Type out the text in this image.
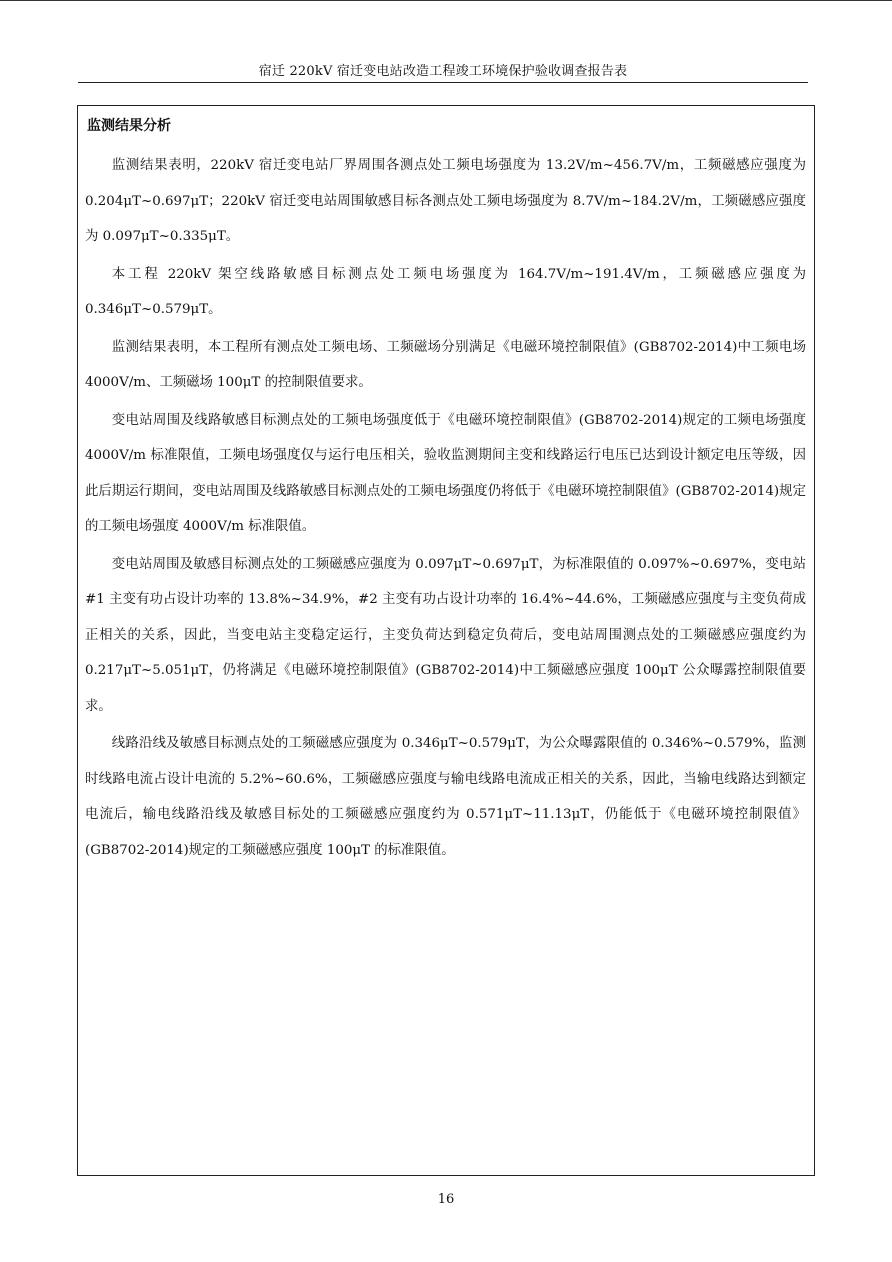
宿迁 220kV 宿迁变电站改造工程竣工环境保护验收调查报告表
监测结果分析

监测结果表明，220kV 宿迁变电站厂界周围各测点处工频电场强度为 13.2V/m~456.7V/m，工频磁感应强度为 0.204μT~0.697μT；220kV 宿迁变电站周围敏感目标各测点处工频电场强度为 8.7V/m~184.2V/m，工频磁感应强度为 0.097μT~0.335μT。

本工程 220kV 架空线路敏感目标测点处工频电场强度为 164.7V/m~191.4V/m，工频磁感应强度为 0.346μT~0.579μT。

监测结果表明，本工程所有测点处工频电场、工频磁场分别满足《电磁环境控制限值》(GB8702-2014)中工频电场 4000V/m、工频磁场 100μT 的控制限值要求。

变电站周围及线路敏感目标测点处的工频电场强度低于《电磁环境控制限值》(GB8702-2014)规定的工频电场强度 4000V/m 标准限值，工频电场强度仅与运行电压相关，验收监测期间主变和线路运行电压已达到设计额定电压等级，因此后期运行期间，变电站周围及线路敏感目标测点处的工频电场强度仍将低于《电磁环境控制限值》(GB8702-2014)规定的工频电场强度 4000V/m 标准限值。

变电站周围及敏感目标测点处的工频磁感应强度为 0.097μT~0.697μT，为标准限值的 0.097%~0.697%，变电站#1 主变有功占设计功率的 13.8%~34.9%，#2 主变有功占设计功率的 16.4%~44.6%，工频磁感应强度与主变负荷成正相关的关系，因此，当变电站主变稳定运行，主变负荷达到稳定负荷后，变电站周围测点处的工频磁感应强度约为 0.217μT~5.051μT，仍将满足《电磁环境控制限值》(GB8702-2014)中工频磁感应强度 100μT 公众曝露控制限值要求。

线路沿线及敏感目标测点处的工频磁感应强度为 0.346μT~0.579μT，为公众曝露限值的 0.346%~0.579%，监测时线路电流占设计电流的 5.2%~60.6%，工频磁感应强度与输电线路电流成正相关的关系，因此，当输电线路达到额定电流后，输电线路沿线及敏感目标处的工频磁感应强度约为 0.571μT~11.13μT，仍能低于《电磁环境控制限值》(GB8702-2014)规定的工频磁感应强度 100μT 的标准限值。

16
